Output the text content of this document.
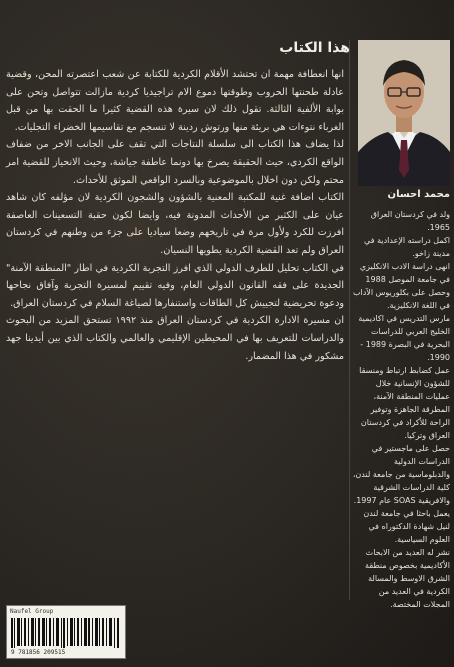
هذا الكتاب

انها انعطافة مهمة ان تحتشد الأقلام الكردية للكتابة عن شعب اعتصرته المحن، وقضية عادلة طحنتها الحروب وطوقتها دموع الام تراجيديا كردية مازالت تتواصل وتحن على بوابة الألفية الثالثة. تقول ذلك لان سيرة هذه القضية كثيرا ما الحقت بها من قبل الغرباء نتوءات هي بريئة منها ورتوش ردينة لا تنسجم مع تقاسيمها الخضراء التجليات.

لذا يضاف هذا الكتاب الى سلسلة النتاجات التي تقف على الجانب الاخر من ضفاف الواقع الكردي، حيث الحقيقة يصرخ بها دونما عاطفة جياشة، وحيث الانحياز للقضية امر محتم ولكن دون اخلال بالموضوعية وبالسرد الواقعي الموثق للأحداث.

الكتاب اضافة غنية للمكتبة المعنية بالشؤون والشجون الكردية لان مؤلفه كان شاهد عيان على الكثير من الأحداث المدونة فيه، وايضا لكون حقبة التسعينات العاصفة افرزت للكرد ولأول مرة في تاريخهم وضعا سياديا على جزء من وطنهم في كردستان العراق ولم تعد القضية الكردية يطويها النسيان.

في الكتاب تحليل للطرف الدولي الذي افرز التجربة الكردية في اطار "المنطقة الآمنة" الجديدة على فقه القانون الدولي العام، وفيه تقييم لمسيرة التجربة وآفاق نجاحها ودعوة تحريضية لتجييش كل الطاقات واستنفارها لصياغة السلام في كردستان العراق.

ان مسيرة الادارة الكردية في كردستان العراق منذ ١٩٩٢ تستحق المزيد من البحوث والدراسات للتعريف بها في المحيطين الإقليمي والعالمي والكتاب الذي بين أيدينا جهد مشكور في هذا المضمار.

محمد احسان

ولد في كردستان العراق 1965.

اكمل دراسته الإعدادية في مدينة زاخو.

انهى دراسة الادب الانكليزي في جامعة الموصل 1988 وحصل على بكلوريوس الآداب في اللغة الانكليزية.

مارس التدريس في اكاديمية الخليج العربي للدراسات البحرية في البصرة 1989 - 1990.

عمل كضابط ارتباط ومنسقا للشؤون الإنسانية خلال عمليات المنطقة الآمنة، المطرقة الجاهزة وتوفير الراحة للأكراد في كردستان العراق وتركيا.

حصل على ماجستير في الدراسات الدولية والدبلوماسية من جامعة لندن، كلية الدراسات الشرقية والافريقية SOAS عام 1997.

يعمل باحثا في جامعة لندن لنيل شهادة الدكتوراه في العلوم السياسية.

نشر له العديد من الابحاث الأكاديمية بخصوص منطقة الشرق الاوسط والمسالة الكردية في العديد من المجلات المختصة.

Naufel Group
9 781856 209515
